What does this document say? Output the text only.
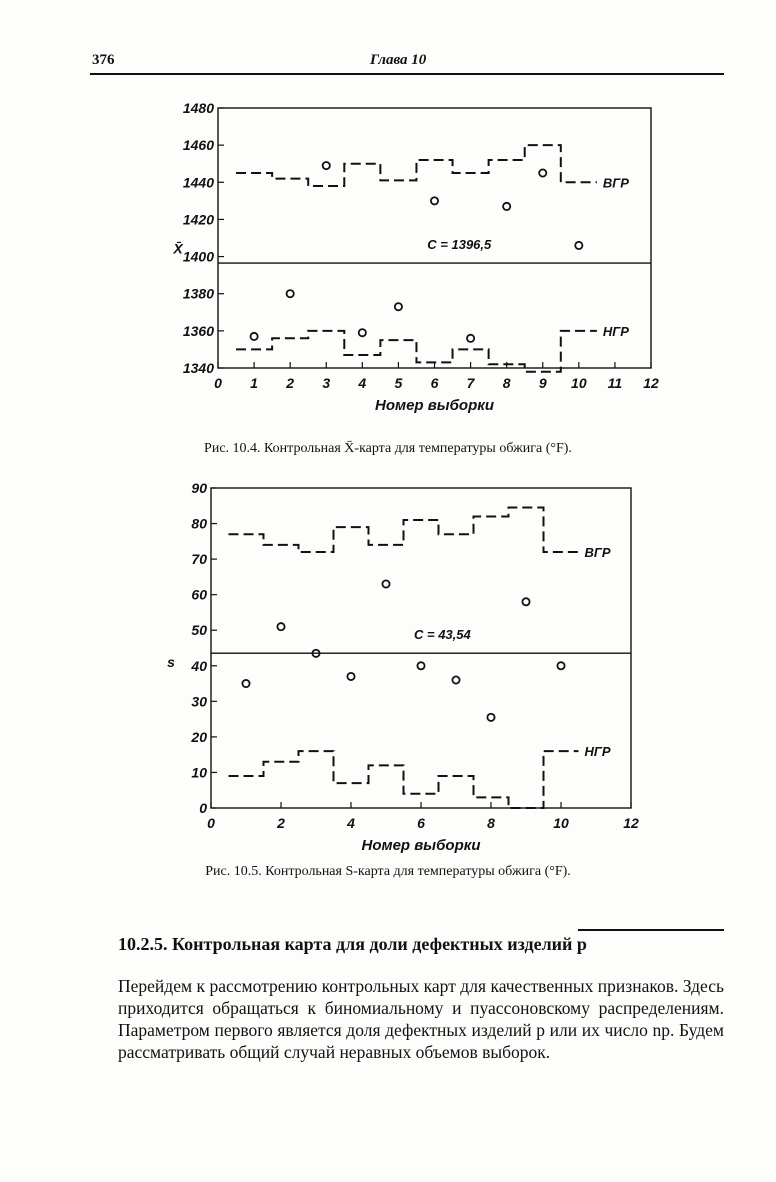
376	Глава 10
1340
1360
1380
1400
1420
1440
1460
1480
0 1 2 3 4 5 6 7 8 9 10 11 12
Номер выборки
X̄	C = 1396,5
ВГР
НГР
Рис. 10.4. Контрольная X̄-карта для температуры обжига (°F).
0
10
20
30
40
50
60
70
80
90
0	2	4	6	8	10	12
Номер выборки
s
C = 43,54
ВГР
НГР
Рис. 10.5. Контрольная S-карта для температуры обжига (°F).
10.2.5. Контрольная карта для доли дефектных изделий p
Перейдем к рассмотрению контрольных карт для качественных признаков. Здесь приходится обращаться к биномиальному и пуассоновскому распределениям. Параметром первого является доля дефектных изделий p или их число np. Будем рассматривать общий случай неравных объемов выборок.
